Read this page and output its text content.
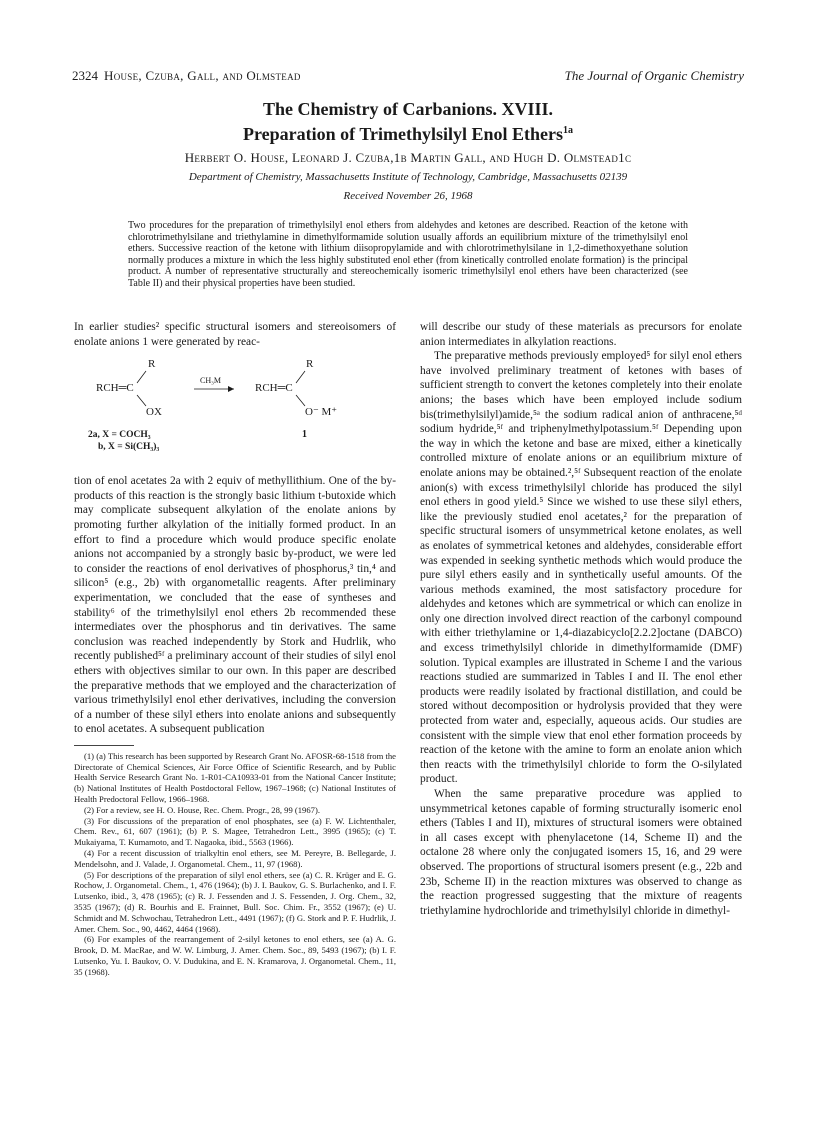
2324 House, Czuba, Gall, and Olmstead	The Journal of Organic Chemistry
The Chemistry of Carbanions. XVIII.
Preparation of Trimethylsilyl Enol Ethers$^{1a}$
Herbert O. House, Leonard J. Czuba,1b Martin Gall, and Hugh D. Olmstead1c
Department of Chemistry, Massachusetts Institute of Technology, Cambridge, Massachusetts 02139
Received November 26, 1968

Two procedures for the preparation of trimethylsilyl enol ethers from aldehydes and ketones are described. Reaction of the ketone with chlorotrimethylsilane and triethylamine in dimethylformamide solution usually affords an equilibrium mixture of the trimethylsilyl enol ethers. Successive reaction of the ketone with lithium diisopropylamide and with chlorotrimethylsilane in 1,2-dimethoxyethane solution normally produces a mixture in which the less highly substituted enol ether (from kinetically controlled enolate formation) is the principal product. A number of representative structurally and stereochemically isomeric trimethylsilyl enol ethers have been characterized (see Table II) and their physical properties have been studied.

In earlier studies² specific structural isomers and stereoisomers of enolate anions 1 were generated by reac-

R
RCH═C
OX
CH₃M
R
RCH═C
O⁻ M⁺
2a, X = COCH₃
b, X = Si(CH₃)₃
1

tion of enol acetates 2a with 2 equiv of methyllithium. One of the by-products of this reaction is the strongly basic lithium t-butoxide which may complicate subsequent alkylation of the enolate anions by promoting further alkylation of the initially formed product. In an effort to find a procedure which would produce specific enolate anions not accompanied by a strongly basic by-product, we were led to consider the reactions of enol derivatives of phosphorus,³ tin,⁴ and silicon⁵ (e.g., 2b) with organometallic reagents. After preliminary experimentation, we concluded that the ease of syntheses and stability⁶ of the trimethylsilyl enol ethers 2b recommended these intermediates over the phosphorus and tin derivatives. The same conclusion was reached independently by Stork and Hudrlik, who recently published⁵ᶠ a preliminary account of their studies of silyl enol ethers with objectives similar to our own. In this paper are described the preparative methods that we employed and the characterization of various trimethylsilyl enol ether derivatives, including the conversion of a number of these silyl ethers into enolate anions and subsequently to enol acetates. A subsequent publication

(1) (a) This research has been supported by Research Grant No. AFOSR-68-1518 from the Directorate of Chemical Sciences, Air Force Office of Scientific Research, and by Public Health Service Research Grant No. 1-R01-CA10933-01 from the National Cancer Institute; (b) National Institutes of Health Postdoctoral Fellow, 1967–1968; (c) National Institutes of Health Predoctoral Fellow, 1966–1968.

(2) For a review, see H. O. House, Rec. Chem. Progr., 28, 99 (1967).

(3) For discussions of the preparation of enol phosphates, see (a) F. W. Lichtenthaler, Chem. Rev., 61, 607 (1961); (b) P. S. Magee, Tetrahedron Lett., 3995 (1965); (c) T. Mukaiyama, T. Kumamoto, and T. Nagaoka, ibid., 5563 (1966).

(4) For a recent discussion of trialkyltin enol ethers, see M. Pereyre, B. Bellegarde, J. Mendelsohn, and J. Valade, J. Organometal. Chem., 11, 97 (1968).

(5) For descriptions of the preparation of silyl enol ethers, see (a) C. R. Krüger and E. G. Rochow, J. Organometal. Chem., 1, 476 (1964); (b) J. I. Baukov, G. S. Burlachenko, and I. F. Lutsenko, ibid., 3, 478 (1965); (c) R. J. Fessenden and J. S. Fessenden, J. Org. Chem., 32, 3535 (1967); (d) R. Bourhis and E. Frainnet, Bull. Soc. Chim. Fr., 3552 (1967); (e) U. Schmidt and M. Schwochau, Tetrahedron Lett., 4491 (1967); (f) G. Stork and P. F. Hudrlik, J. Amer. Chem. Soc., 90, 4462, 4464 (1968).

(6) For examples of the rearrangement of 2-silyl ketones to enol ethers, see (a) A. G. Brook, D. M. MacRae, and W. W. Limburg, J. Amer. Chem. Soc., 89, 5493 (1967); (b) I. F. Lutsenko, Yu. I. Baukov, O. V. Dudukina, and E. N. Kramarova, J. Organometal. Chem., 11, 35 (1968).

will describe our study of these materials as precursors for enolate anion intermediates in alkylation reactions.

The preparative methods previously employed⁵ for silyl enol ethers have involved preliminary treatment of ketones with bases of sufficient strength to convert the ketones completely into their enolate anions; the bases which have been employed include sodium bis(trimethylsilyl)amide,⁵ᵃ the sodium radical anion of anthracene,⁵ᵈ sodium hydride,⁵ᶠ and triphenylmethylpotassium.⁵ᶠ Depending upon the way in which the ketone and base are mixed, either a kinetically controlled mixture of enolate anions or an equilibrium mixture of enolate anions may be obtained.²,⁵ᶠ Subsequent reaction of the enolate anion(s) with excess trimethylsilyl chloride has produced the silyl enol ethers in good yield.⁵ Since we wished to use these silyl ethers, like the previously studied enol acetates,² for the preparation of specific structural isomers of unsymmetrical ketone enolates, as well as enolates of symmetrical ketones and aldehydes, considerable effort was expended in seeking synthetic methods which would produce the pure silyl ethers easily and in synthetically useful amounts. Of the various methods examined, the most satisfactory procedure for aldehydes and ketones which are symmetrical or which can enolize in only one direction involved direct reaction of the carbonyl compound with either triethylamine or 1,4-diazabicyclo[2.2.2]octane (DABCO) and excess trimethylsilyl chloride in dimethylformamide (DMF) solution. Typical examples are illustrated in Scheme I and the various reactions studied are summarized in Tables I and II. The enol ether products were readily isolated by fractional distillation, and could be stored without decomposition or hydrolysis provided that they were protected from water and, especially, aqueous acids. Our studies are consistent with the simple view that enol ether formation proceeds by reaction of the ketone with the amine to form an enolate anion which then reacts with the trimethylsilyl chloride to form the O-silylated product.

When the same preparative procedure was applied to unsymmetrical ketones capable of forming structurally isomeric enol ethers (Tables I and II), mixtures of structural isomers were obtained in all cases except with phenylacetone (14, Scheme II) and the octalone 28 where only the conjugated isomers 15, 16, and 29 were observed. The proportions of structural isomers present (e.g., 22b and 23b, Scheme II) in the reaction mixtures was observed to change as the reaction progressed suggesting that the mixture of reagents triethylamine hydrochloride and trimethylsilyl chloride in dimethyl-
